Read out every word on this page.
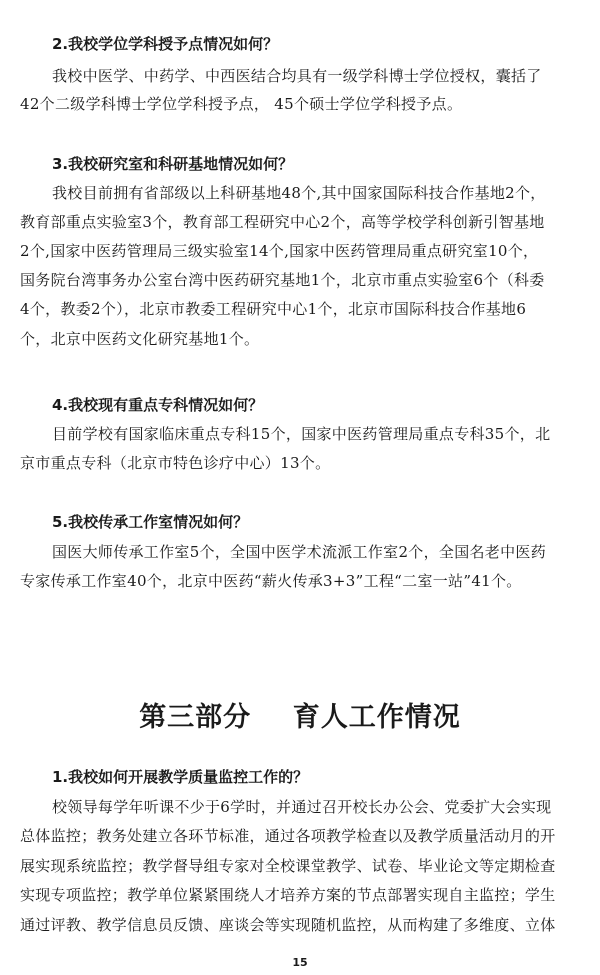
2.我校学位学科授予点情况如何？
我校中医学、中药学、中西医结合均具有一级学科博士学位授权，囊括了
42个二级学科博士学位学科授予点， 45个硕士学位学科授予点。
3.我校研究室和科研基地情况如何？
我校目前拥有省部级以上科研基地48个,其中国家国际科技合作基地2个，
教育部重点实验室3个，教育部工程研究中心2个，高等学校学科创新引智基地
2个,国家中医药管理局三级实验室14个,国家中医药管理局重点研究室10个，
国务院台湾事务办公室台湾中医药研究基地1个，北京市重点实验室6个（科委
4个，教委2个），北京市教委工程研究中心1个，北京市国际科技合作基地6
个，北京中医药文化研究基地1个。
4.我校现有重点专科情况如何？
目前学校有国家临床重点专科15个，国家中医药管理局重点专科35个，北
京市重点专科（北京市特色诊疗中心）13个。
5.我校传承工作室情况如何？
国医大师传承工作室5个，全国中医学术流派工作室2个，全国名老中医药
专家传承工作室40个，北京中医药“薪火传承3+3”工程“二室一站”41个。
第三部分    育人工作情况
1.我校如何开展教学质量监控工作的？
校领导每学年听课不少于6学时，并通过召开校长办公会、党委扩大会实现
总体监控；教务处建立各环节标准，通过各项教学检查以及教学质量活动月的开
展实现系统监控；教学督导组专家对全校课堂教学、试卷、毕业论文等定期检查
实现专项监控；教学单位紧紧围绕人才培养方案的节点部署实现自主监控；学生
通过评教、教学信息员反馈、座谈会等实现随机监控，从而构建了多维度、立体
15
